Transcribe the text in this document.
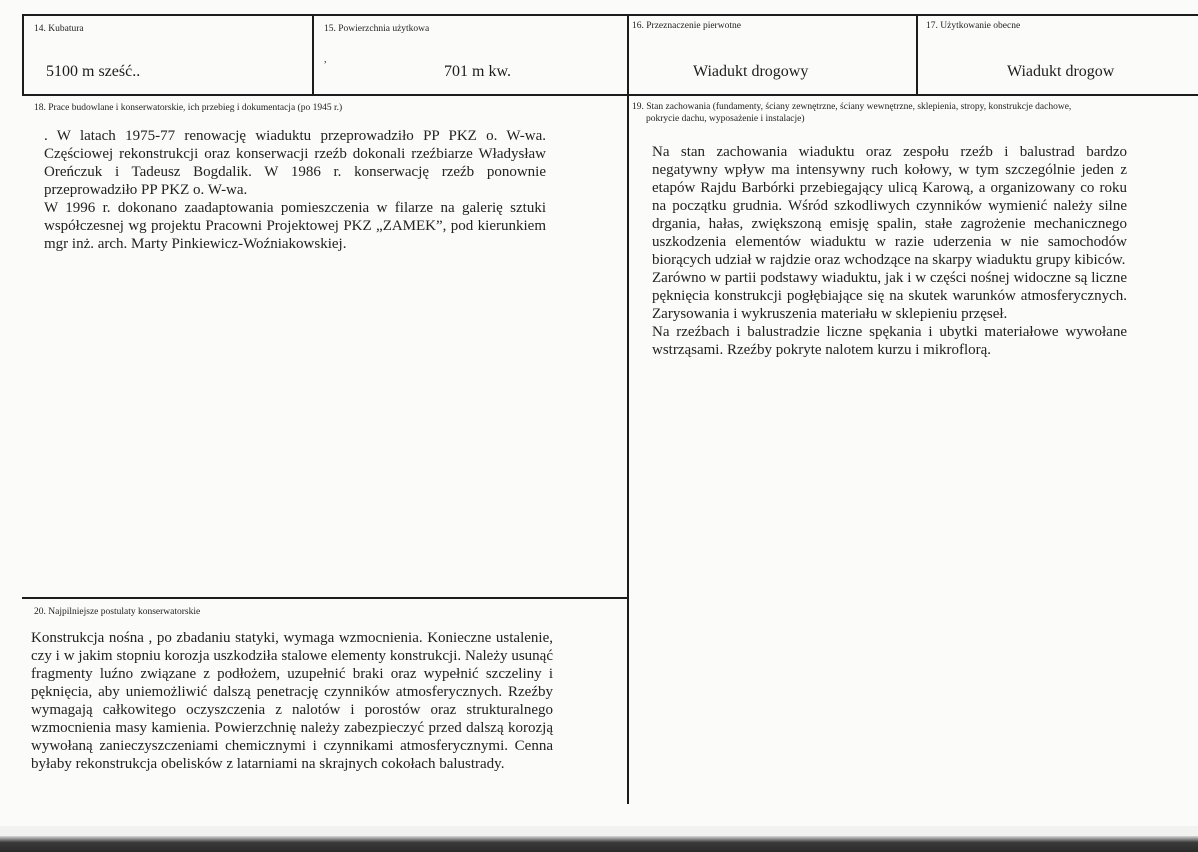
14. Kubatura
5100 m sześć..
15. Powierzchnia użytkowa
,
701 m kw.
16. Przeznaczenie pierwotne
Wiadukt drogowy
17. Użytkowanie obecne
Wiadukt drogow
18. Prace budowlane i konserwatorskie, ich przebieg i dokumentacja (po 1945 r.)

. W latach 1975-77 renowację wiaduktu przeprowadziło PP PKZ o. W-wa. Częściowej rekonstrukcji oraz konserwacji rzeźb dokonali rzeźbiarze Władysław Oreńczuk i Tadeusz Bogdalik. W 1986 r. konserwację rzeźb ponownie przeprowadziło PP PKZ o. W-wa.

W 1996 r. dokonano zaadaptowania pomieszczenia w filarze na galerię sztuki współczesnej wg projektu Pracowni Projektowej PKZ „ZAMEK”, pod kierunkiem mgr inż. arch. Marty Pinkiewicz-Woźniakowskiej.

19. Stan zachowania (fundamenty, ściany zewnętrzne, ściany wewnętrzne, sklepienia, stropy, konstrukcje dachowe,
pokrycie dachu, wyposażenie i instalacje)

Na stan zachowania wiaduktu oraz zespołu rzeźb i balustrad bardzo negatywny wpływ ma intensywny ruch kołowy, w tym szczególnie jeden z etapów Rajdu Barbórki przebiegający ulicą Karową, a organizowany co roku na początku grudnia. Wśród szkodliwych czynników wymienić należy silne drgania, hałas, zwiększoną emisję spalin, stałe zagrożenie mechanicznego uszkodzenia elementów wiaduktu w razie uderzenia w nie samochodów biorących udział w rajdzie oraz wchodzące na skarpy wiaduktu grupy kibiców.

Zarówno w partii podstawy wiaduktu, jak i w części nośnej widoczne są liczne pęknięcia konstrukcji pogłębiające się na skutek warunków atmosferycznych. Zarysowania i wykruszenia materiału w sklepieniu przęseł.

Na rzeźbach i balustradzie liczne spękania i ubytki materiałowe wywołane wstrząsami. Rzeźby pokryte nalotem kurzu i mikroflorą.

20. Najpilniejsze postulaty konserwatorskie
Konstrukcja nośna , po zbadaniu statyki, wymaga wzmocnienia. Konieczne ustalenie, czy i w jakim stopniu korozja uszkodziła stalowe elementy konstrukcji. Należy usunąć fragmenty luźno związane z podłożem, uzupełnić braki oraz wypełnić szczeliny i pęknięcia, aby uniemożliwić dalszą penetrację czynników atmosferycznych. Rzeźby wymagają całkowitego oczyszczenia z nalotów i porostów oraz strukturalnego wzmocnienia masy kamienia. Powierzchnię należy zabezpieczyć przed dalszą korozją wywołaną zanieczyszczeniami chemicznymi i czynnikami atmosferycznymi. Cenna byłaby rekonstrukcja obelisków z latarniami na skrajnych cokołach balustrady.
